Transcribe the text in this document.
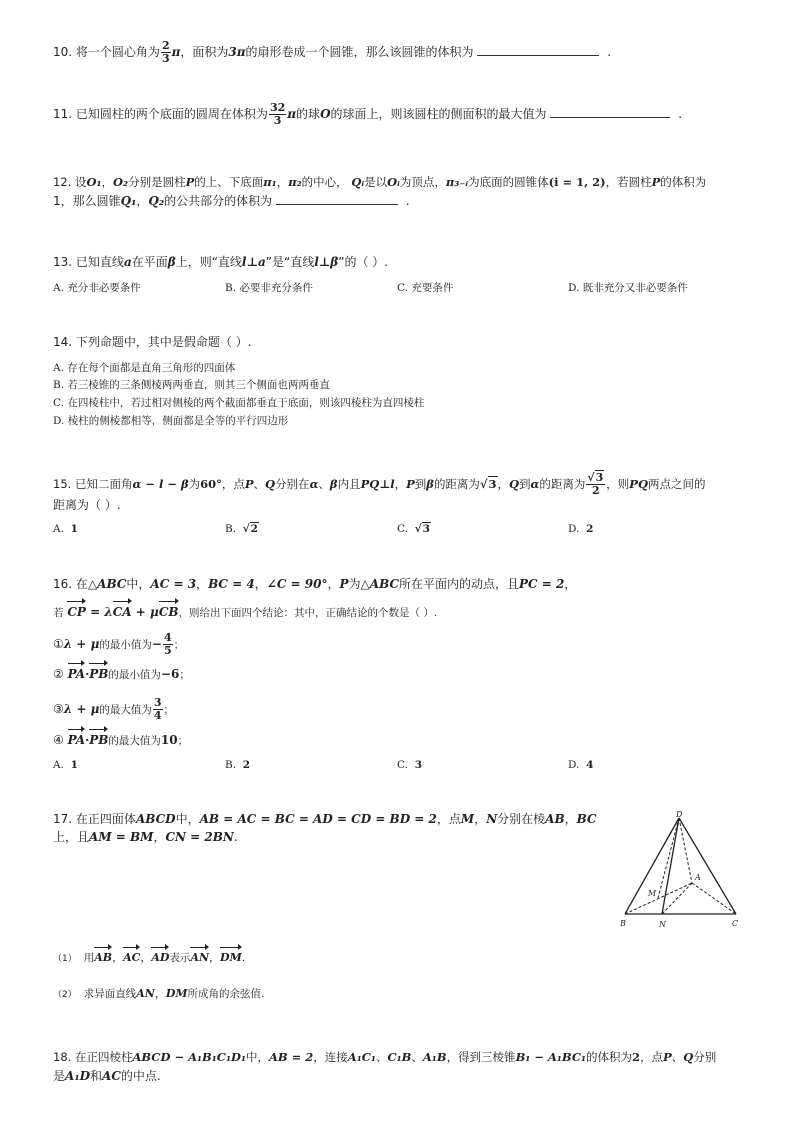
10. 将一个圆心角为 $\frac{2}{3}$ π，面积为3π的扇形卷成一个圆锥，那么该圆锥的体积为	.
11. 已知圆柱的两个底面的圆周在体积为 $\frac{32}{3}$ π的球O的球面上，则该圆柱的侧面积的最大值为	.
12. 设O₁，O₂分别是圆柱P的上、下底面π₁，π₂的中心， Qᵢ是以Oᵢ为顶点，π₃₋ᵢ为底面的圆锥体(i = 1, 2)，若圆柱P的体积为
1，那么圆锥Q₁，Q₂的公共部分的体积为	.
13. 已知直线a在平面β上，则“直线l⊥a”是“直线l⊥β”的（ ）.
A. 充分非必要条件	B. 必要非充分条件	C. 充要条件	D. 既非充分又非必要条件
14. 下列命题中，其中是假命题（ ）.
A. 存在每个面都是直角三角形的四面体
B. 若三棱锥的三条侧棱两两垂直，则其三个侧面也两两垂直
C. 在四棱柱中，若过相对侧棱的两个截面都垂直于底面，则该四棱柱为直四棱柱
D. 棱柱的侧棱都相等，侧面都是全等的平行四边形
15. 已知二面角α − l − β为60°，点P、Q分别在α、β内且PQ⊥l，P到β的距离为√3，Q到α的距离为 $\frac{√3}{2}$ ，则PQ两点之间的
距离为（ ）.
A. 1	B. √2	C. √3	D. 2
16. 在△ABC中，AC = 3，BC = 4，∠C = 90°，P为△ABC所在平面内的动点，且PC = 2，
若 CP = λCA + μCB，则给出下面四个结论：其中，正确结论的个数是（ ）.
①λ + μ的最小值为− $\frac{4}{5}$ ；
② PA·PB的最小值为−6；
③λ + μ的最大值为 $\frac{3}{4}$ ；
④ PA·PB的最大值为10；
A. 1	B. 2	C. 3	D. 4
17. 在正四面体ABCD中，AB = AC = BC = AD = CD = BD = 2，点M，N分别在棱AB，BC
上，且AM = BM，CN = 2BN.
D
A
M
B	N	C
（1） 用AB，AC，AD表示AN，DM.
（2） 求异面直线AN，DM所成角的余弦值.
18. 在正四棱柱ABCD − A₁B₁C₁D₁中，AB = 2，连接A₁C₁、C₁B、A₁B，得到三棱锥B₁ − A₁BC₁的体积为2，点P、Q分别
是A₁D和AC的中点.
